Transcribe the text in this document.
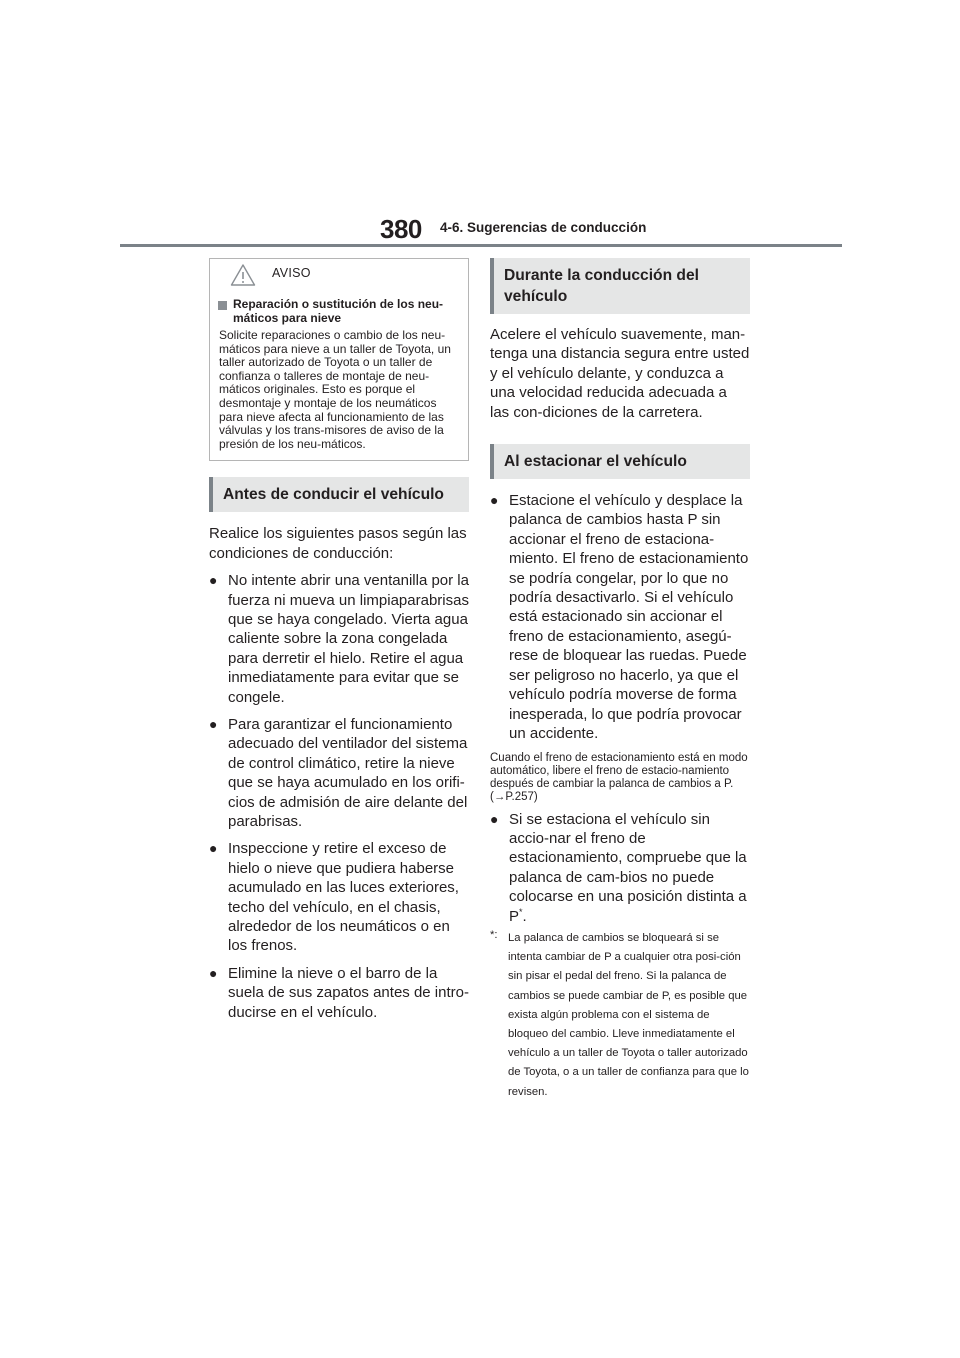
380 4-6. Sugerencias de conducción
AVISO
Reparación o sustitución de los neu-máticos para nieve

Solicite reparaciones o cambio de los neu-máticos para nieve a un taller de Toyota, un taller autorizado de Toyota o un taller de confianza o talleres de montaje de neu-máticos originales. Esto es porque el desmontaje y montaje de los neumáticos para nieve afecta al funcionamiento de las válvulas y los trans-misores de aviso de la presión de los neu-máticos.

Antes de conducir el vehículo

Realice los siguientes pasos según las condiciones de conducción:

● No intente abrir una ventanilla por la fuerza ni mueva un limpiaparabrisas que se haya congelado. Vierta agua caliente sobre la zona congelada para derretir el hielo. Retire el agua inmediatamente para evitar que se congele.
● Para garantizar el funcionamiento adecuado del ventilador del sistema de control climático, retire la nieve que se haya acumulado en los orifi-cios de admisión de aire delante del parabrisas.
● Inspeccione y retire el exceso de hielo o nieve que pudiera haberse acumulado en las luces exteriores, techo del vehículo, en el chasis, alrededor de los neumáticos o en los frenos.
● Elimine la nieve o el barro de la suela de sus zapatos antes de intro-ducirse en el vehículo.
Durante la conducción del vehículo

Acelere el vehículo suavemente, man-tenga una distancia segura entre usted y el vehículo delante, y conduzca a una velocidad reducida adecuada a las con-diciones de la carretera.

Al estacionar el vehículo
● Estacione el vehículo y desplace la palanca de cambios hasta P sin accionar el freno de estaciona-miento. El freno de estacionamiento se podría congelar, por lo que no podría desactivarlo. Si el vehículo está estacionado sin accionar el freno de estacionamiento, asegú-rese de bloquear las ruedas. Puede ser peligroso no hacerlo, ya que el vehículo podría moverse de forma inesperada, lo que podría provocar un accidente.

Cuando el freno de estacionamiento está en modo automático, libere el freno de estacio-namiento después de cambiar la palanca de cambios a P. (→P.257)

● Si se estaciona el vehículo sin accio-nar el freno de estacionamiento, compruebe que la palanca de cam-bios no puede colocarse en una posición distinta a P*.
*: La palanca de cambios se bloqueará si se intenta cambiar de P a cualquier otra posi-ción sin pisar el pedal del freno. Si la palanca de cambios se puede cambiar de P, es posible que exista algún problema con el sistema de bloqueo del cambio. Lleve inmediatamente el vehículo a un taller de Toyota o taller autorizado de Toyota, o a un taller de confianza para que lo revisen.
